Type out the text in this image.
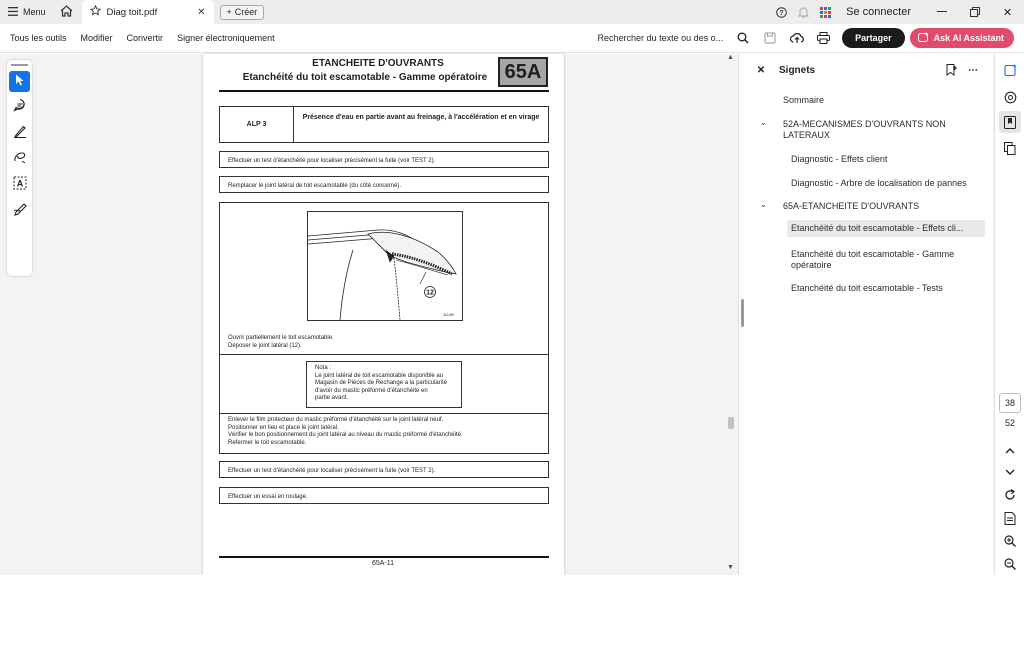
Menu	Diag toit.pdf	✕ + Créer	?	Se connecter	✕
Tous les outils	Modifier	Convertir	Signer électroniquement	Rechercher du texte ou des o...	Partager	Ask AI Assistant
A
ETANCHEITE D'OUVRANTS
Etanchéité du toit escamotable - Gamme opératoire 65A
ALP 3
Présence d'eau en partie avant au freinage, à l'accélération et en virage
Effectuer un test d'étanchéité pour localiser précisément la fuite (voir TEST 2).
Remplacer le joint latéral de toit escamotable (du côté concerné).
12
111159
Ouvrir partiellement le toit escamotable.
Déposer le joint latéral (12).
Nota :
Le joint latéral de toit escamotable disponible au
Magasin de Pièces de Rechange a la particularité
d'avoir du mastic préformé d'étanchéité en
partie avant.
Enlever le film protecteur du mastic préformé d'étanchéité sur le joint latéral neuf.
Positionner en lieu et place le joint latéral.
Vérifier le bon positionnement du joint latéral au niveau du mastic préformé d'étanchéité.
Refermer le toit escamotable.
Effectuer un test d'étanchéité pour localiser précisément la fuite (voir TEST 2).
Effectuer un essai en roulage.
65A-11
▲
▼
✕	Signets	⋯
Sommaire
⌄ 52A-MECANISMES D'OUVRANTS NON LATERAUX
Diagnostic - Effets client
Diagnostic - Arbre de localisation de pannes
⌄ 65A-ETANCHEITE D'OUVRANTS
Etanchéité du toit escamotable - Effets cli...
Etanchéité du toit escamotable - Gamme opératoire
Etanchéité du toit escamotable - Tests
38
52
